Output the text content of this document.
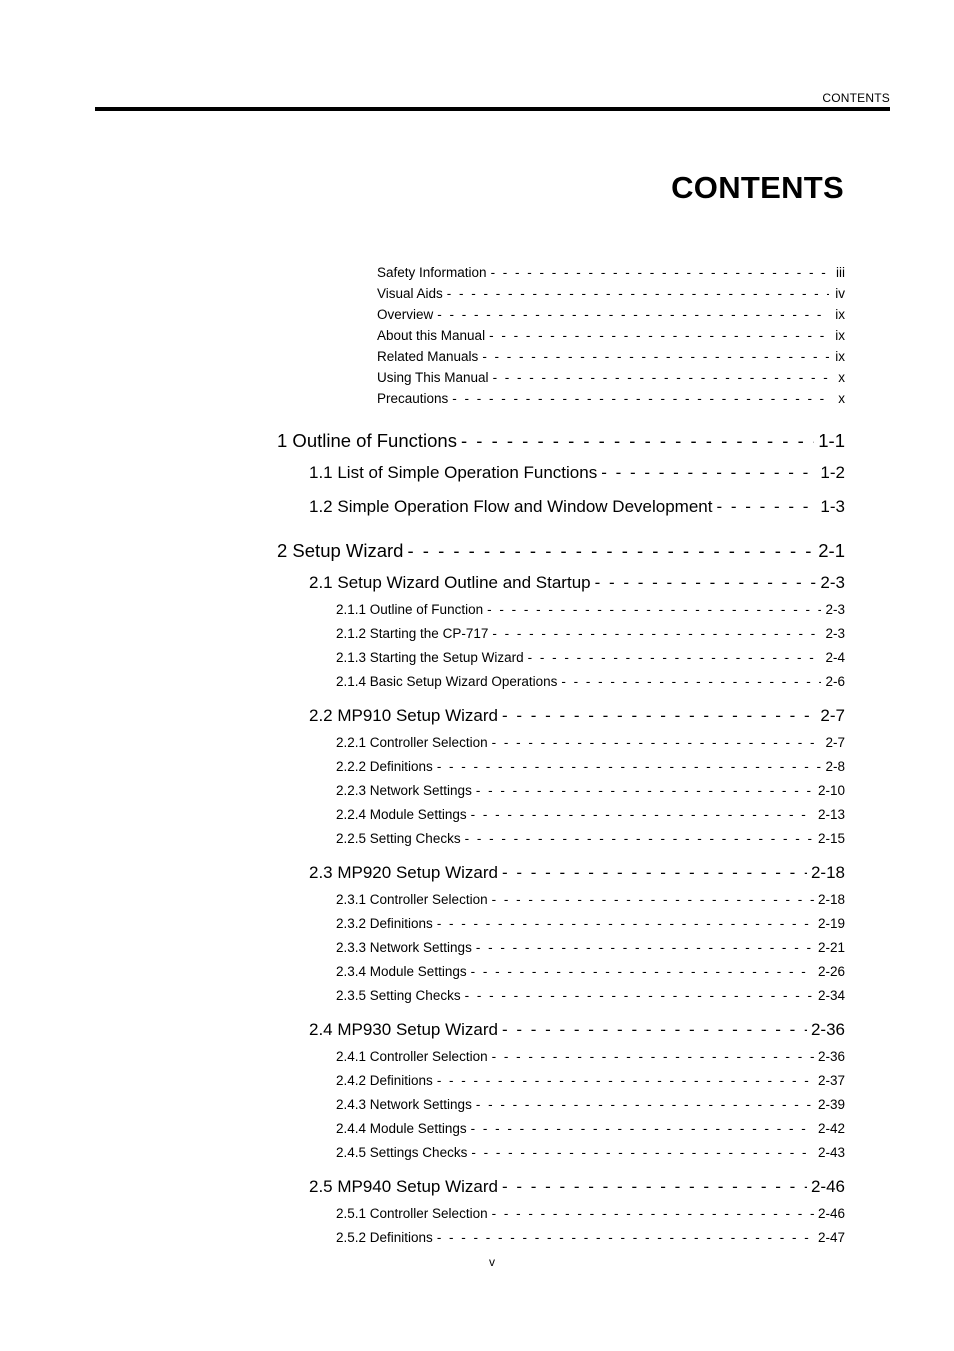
CONTENTS
CONTENTS
Safety Information - - -	iii
Visual Aids - - -	iv
Overview - - -	ix
About this Manual - - -	ix
Related Manuals - - -	ix
Using This Manual - - -	x
Precautions - - -	x
1 Outline of Functions - - -	1-1
1.1 List of Simple Operation Functions - - -	1-2
1.2 Simple Operation Flow and Window Development - - -	1-3
2 Setup Wizard - - -	2-1
2.1 Setup Wizard Outline and Startup - - -	2-3
2.1.1 Outline of Function - - -	2-3
2.1.2 Starting the CP-717 - - -	2-3
2.1.3 Starting the Setup Wizard - - -	2-4
2.1.4 Basic Setup Wizard Operations - - -	2-6
2.2 MP910 Setup Wizard - - -	2-7
2.2.1 Controller Selection - - -	2-7
2.2.2 Definitions - - -	2-8
2.2.3 Network Settings - - -	2-10
2.2.4 Module Settings - - -	2-13
2.2.5 Setting Checks - - -	2-15
2.3 MP920 Setup Wizard - - -	2-18
2.3.1 Controller Selection - - -	2-18
2.3.2 Definitions - - -	2-19
2.3.3 Network Settings - - -	2-21
2.3.4 Module Settings - - -	2-26
2.3.5 Setting Checks - - -	2-34
2.4 MP930 Setup Wizard - - -	2-36
2.4.1 Controller Selection - - -	2-36
2.4.2 Definitions - - -	2-37
2.4.3 Network Settings - - -	2-39
2.4.4 Module Settings - - -	2-42
2.4.5 Settings Checks - - -	2-43
2.5 MP940 Setup Wizard - - -	2-46
2.5.1 Controller Selection - - -	2-46
2.5.2 Definitions - - -	2-47
v
